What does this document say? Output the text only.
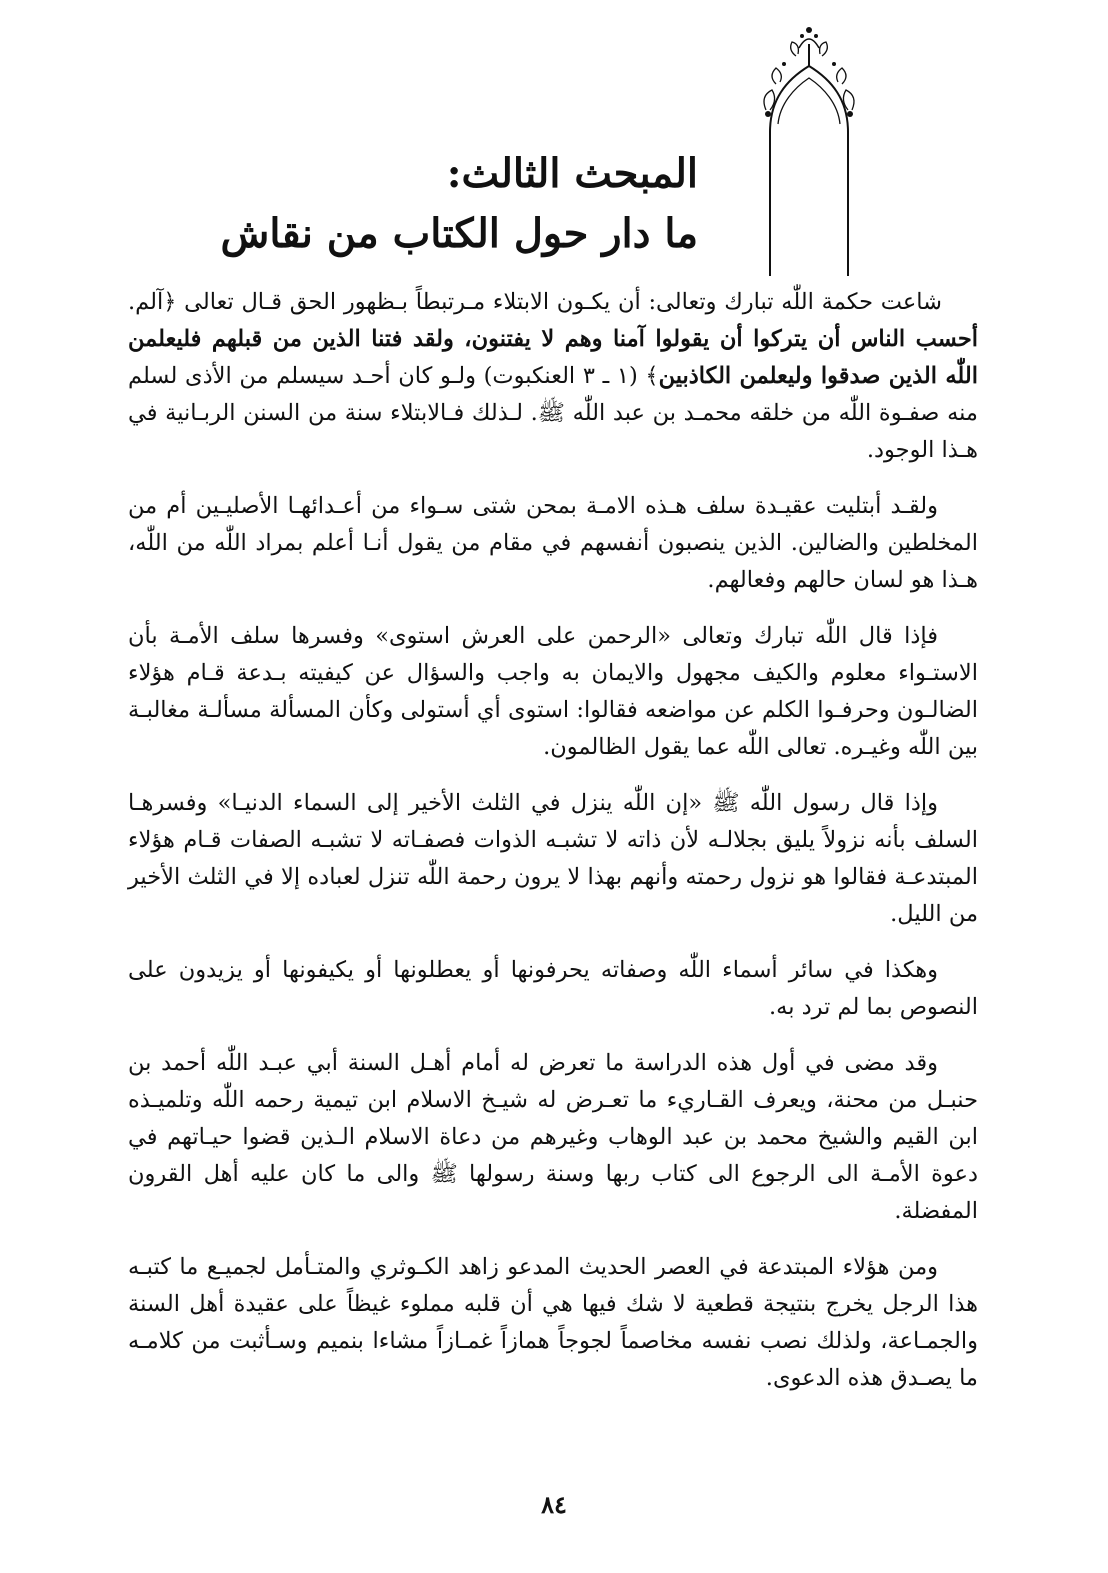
المبحث الثالث:
ما دار حول الكتاب من نقاش

شاعت حكمة اللّٰه تبارك وتعالى: أن يكـون الابتلاء مـرتبطاً بـظهور الحق قـال تعالى ﴿آلم. أحسب الناس أن يتركوا أن يقولوا آمنا وهم لا يفتنون، ولقد فتنا الذين من قبلهم فليعلمن اللّٰه الذين صدقوا وليعلمن الكاذبين﴾ (١ ـ ٣ العنكبوت) ولـو كان أحـد سيسلم من الأذى لسلم منه صفـوة اللّٰه من خلقه محمـد بن عبد اللّٰه ﷺ. لـذلك فـالابتلاء سنة من السنن الربـانية في هـذا الوجود.

ولقـد أبتليت عقيـدة سلف هـذه الامـة بمحن شتى سـواء من أعـدائهـا الأصليـين أم من المخلطين والضالين. الذين ينصبون أنفسهم في مقام من يقول أنـا أعلم بمراد اللّٰه من اللّٰه، هـذا هو لسان حالهم وفعالهم.

فإذا قال اللّٰه تبارك وتعالى «الرحمن على العرش استوى» وفسرها سلف الأمـة بأن الاستـواء معلوم والكيف مجهول والايمان به واجب والسؤال عن كيفيته بـدعة قـام هؤلاء الضالـون وحرفـوا الكلم عن مواضعه فقالوا: استوى أي أستولى وكأن المسألة مسألـة مغالبـة بين اللّٰه وغيـره. تعالى اللّٰه عما يقول الظالمون.

وإذا قال رسول اللّٰه ﷺ «إن اللّٰه ينزل في الثلث الأخير إلى السماء الدنيـا» وفسرهـا السلف بأنه نزولاً يليق بجلالـه لأن ذاته لا تشبـه الذوات فصفـاته لا تشبـه الصفات قـام هؤلاء المبتدعـة فقالوا هو نزول رحمته وأنهم بهذا لا يرون رحمة اللّٰه تنزل لعباده إلا في الثلث الأخير من الليل.

وهكذا في سائر أسماء اللّٰه وصفاته يحرفونها أو يعطلونها أو يكيفونها أو يزيدون على النصوص بما لم ترد به.

وقد مضى في أول هذه الدراسة ما تعرض له أمام أهـل السنة أبي عبـد اللّٰه أحمد بن حنبـل من محنة، ويعرف القـاريء ما تعـرض له شيـخ الاسلام ابن تيمية رحمه اللّٰه وتلميـذه ابن القيم والشيخ محمد بن عبد الوهاب وغيرهم من دعاة الاسلام الـذين قضوا حيـاتهم في دعوة الأمـة الى الرجوع الى كتاب ربها وسنة رسولها ﷺ والى ما كان عليه أهل القرون المفضلة.

ومن هؤلاء المبتدعة في العصر الحديث المدعو زاهد الكـوثري والمتـأمل لجميـع ما كتبـه هذا الرجل يخرج بنتيجة قطعية لا شك فيها هي أن قلبه مملوء غيظاً على عقيدة أهل السنة والجمـاعة، ولذلك نصب نفسه مخاصماً لجوجاً همازاً غمـازاً مشاءا بنميم وسـأثبت من كلامـه ما يصـدق هذه الدعوى.

٨٤
